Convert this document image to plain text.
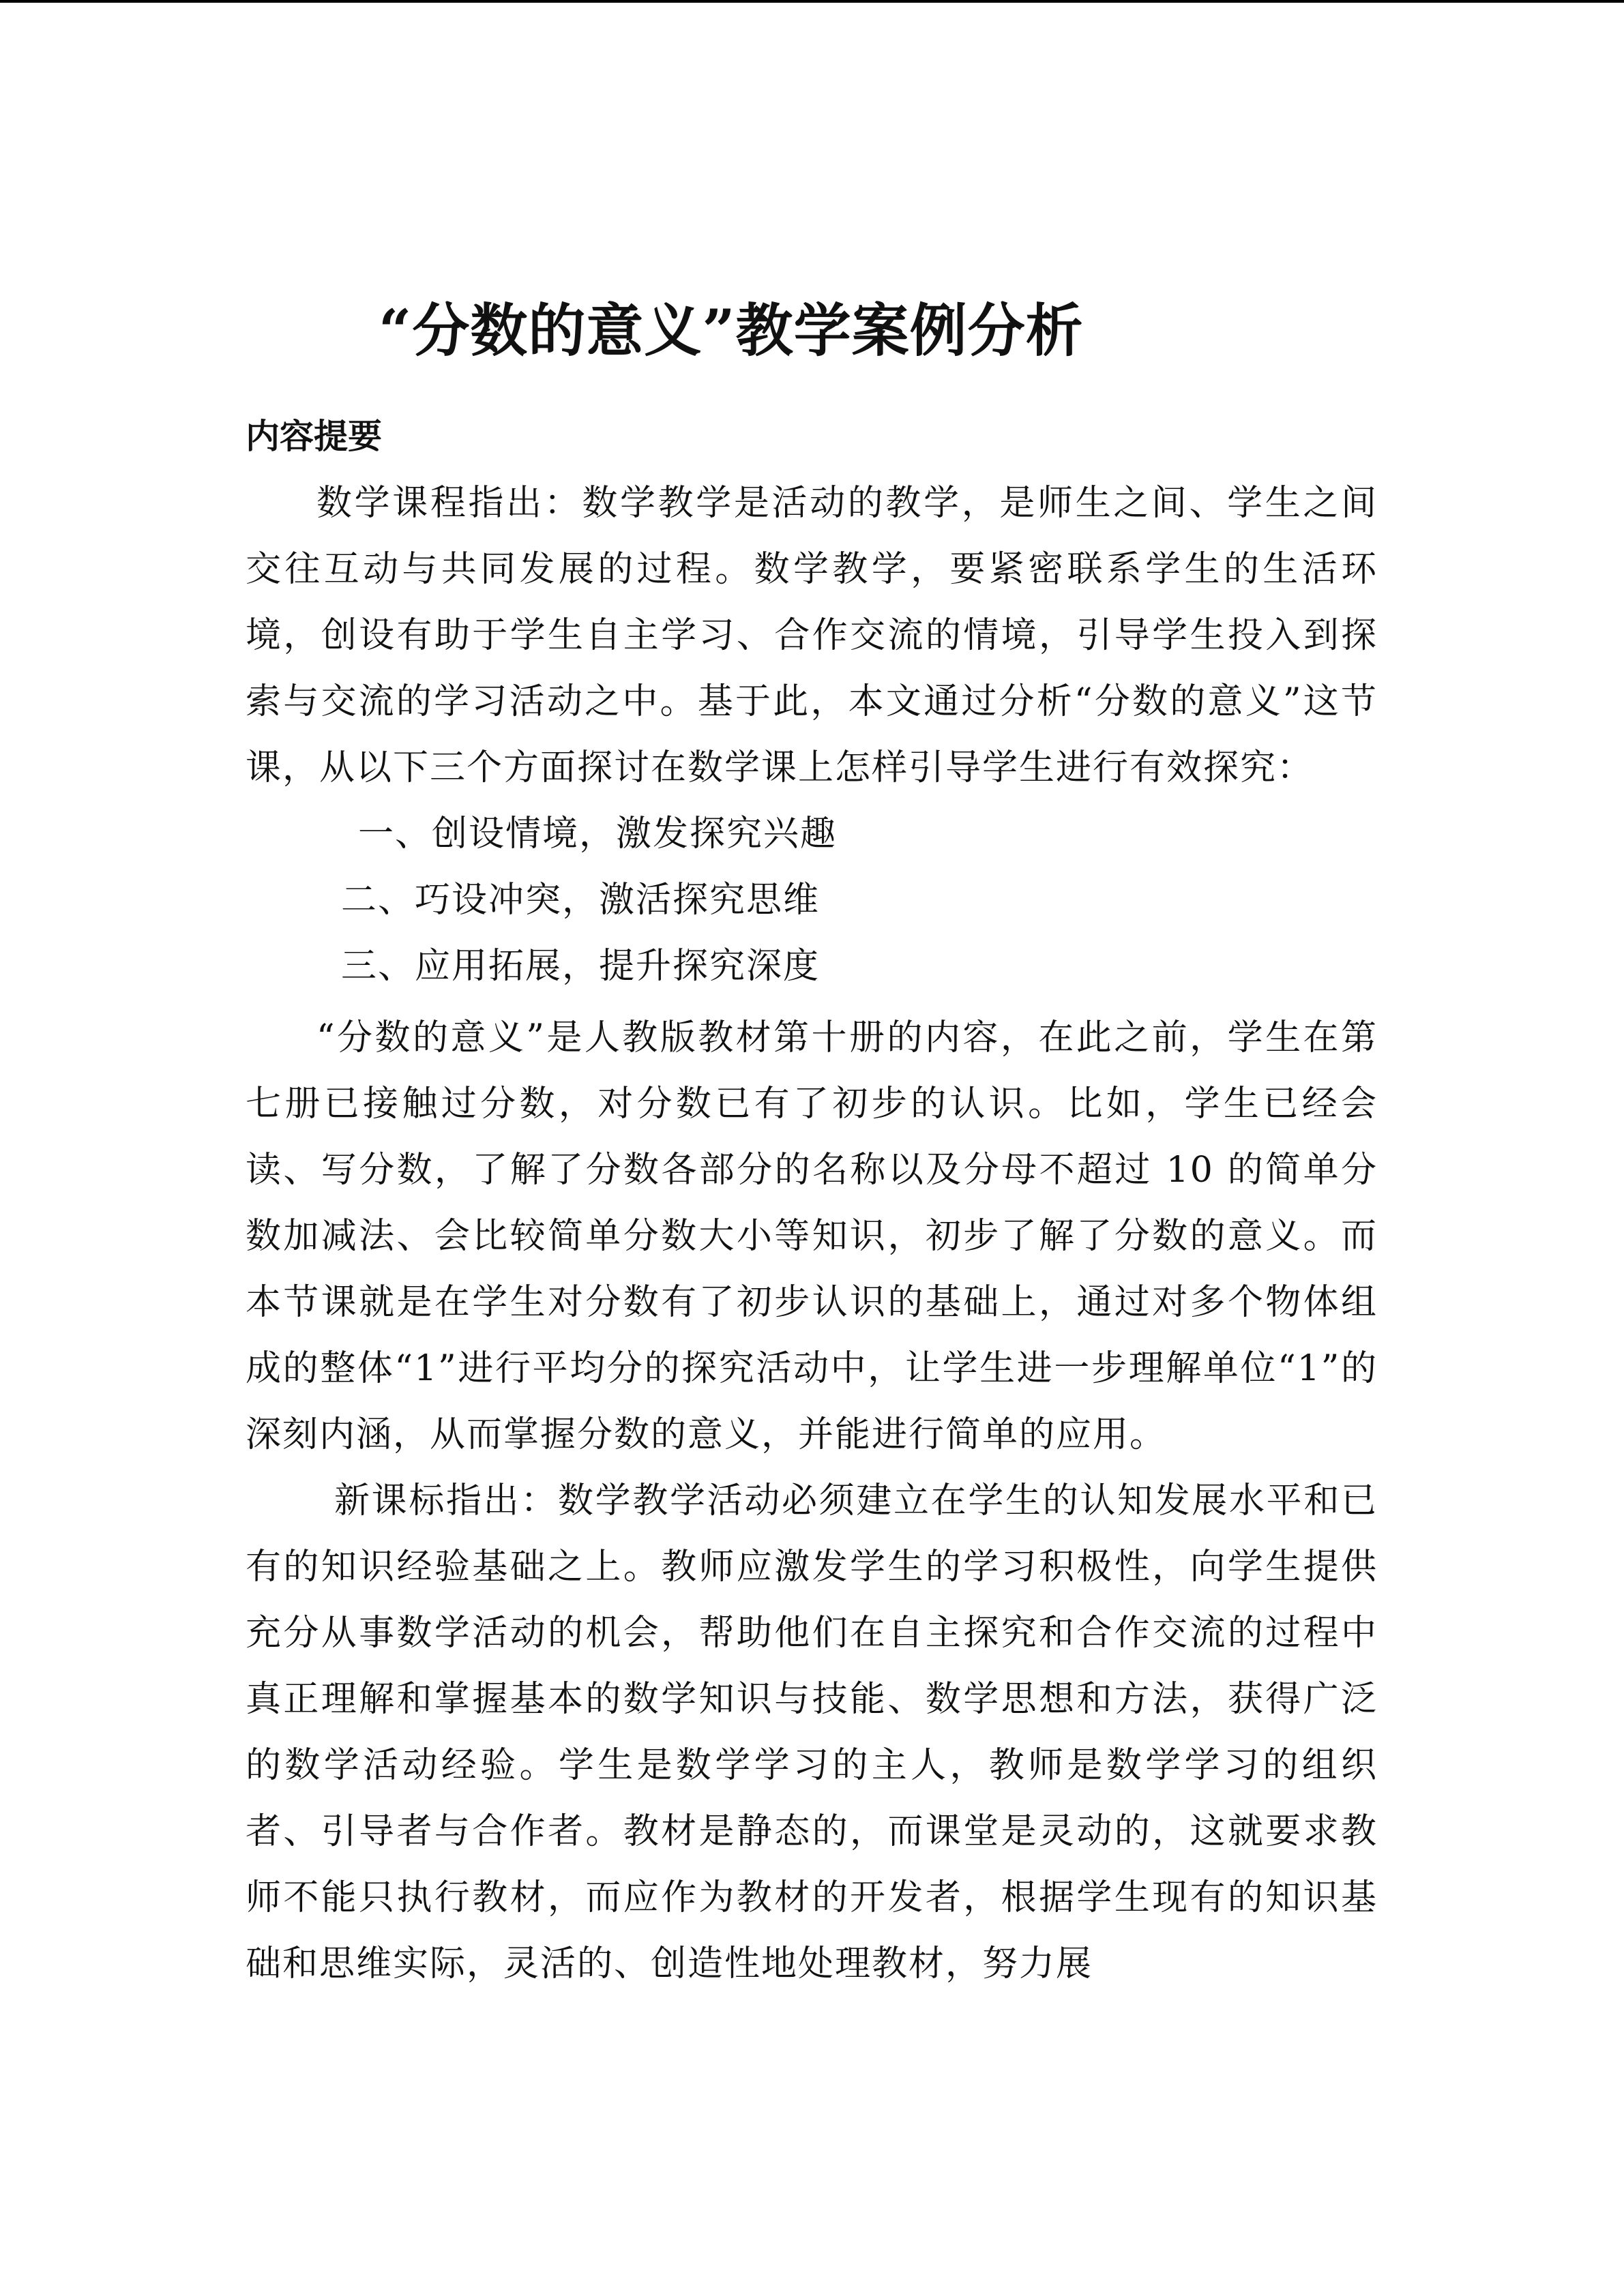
“分数的意义”教学案例分析
内容提要

数学课程指出：数学教学是活动的教学，是师生之间、学生之间交往互动与共同发展的过程。数学教学，要紧密联系学生的生活环境，创设有助于学生自主学习、合作交流的情境，引导学生投入到探索与交流的学习活动之中。基于此，本文通过分析“分数的意义”这节课，从以下三个方面探讨在数学课上怎样引导学生进行有效探究：

一、创设情境，激发探究兴趣
二、巧设冲突，激活探究思维
三、应用拓展，提升探究深度

“分数的意义”是人教版教材第十册的内容，在此之前，学生在第七册已接触过分数，对分数已有了初步的认识。比如，学生已经会读、写分数，了解了分数各部分的名称以及分母不超过 10 的简单分数加减法、会比较简单分数大小等知识，初步了解了分数的意义。而本节课就是在学生对分数有了初步认识的基础上，通过对多个物体组成的整体“1”进行平均分的探究活动中，让学生进一步理解单位“1”的深刻内涵，从而掌握分数的意义，并能进行简单的应用。

新课标指出：数学教学活动必须建立在学生的认知发展水平和已有的知识经验基础之上。教师应激发学生的学习积极性，向学生提供充分从事数学活动的机会，帮助他们在自主探究和合作交流的过程中真正理解和掌握基本的数学知识与技能、数学思想和方法，获得广泛的数学活动经验。学生是数学学习的主人，教师是数学学习的组织者、引导者与合作者。教材是静态的，而课堂是灵动的，这就要求教师不能只执行教材，而应作为教材的开发者，根据学生现有的知识基础和思维实际，灵活的、创造性地处理教材，努力展
